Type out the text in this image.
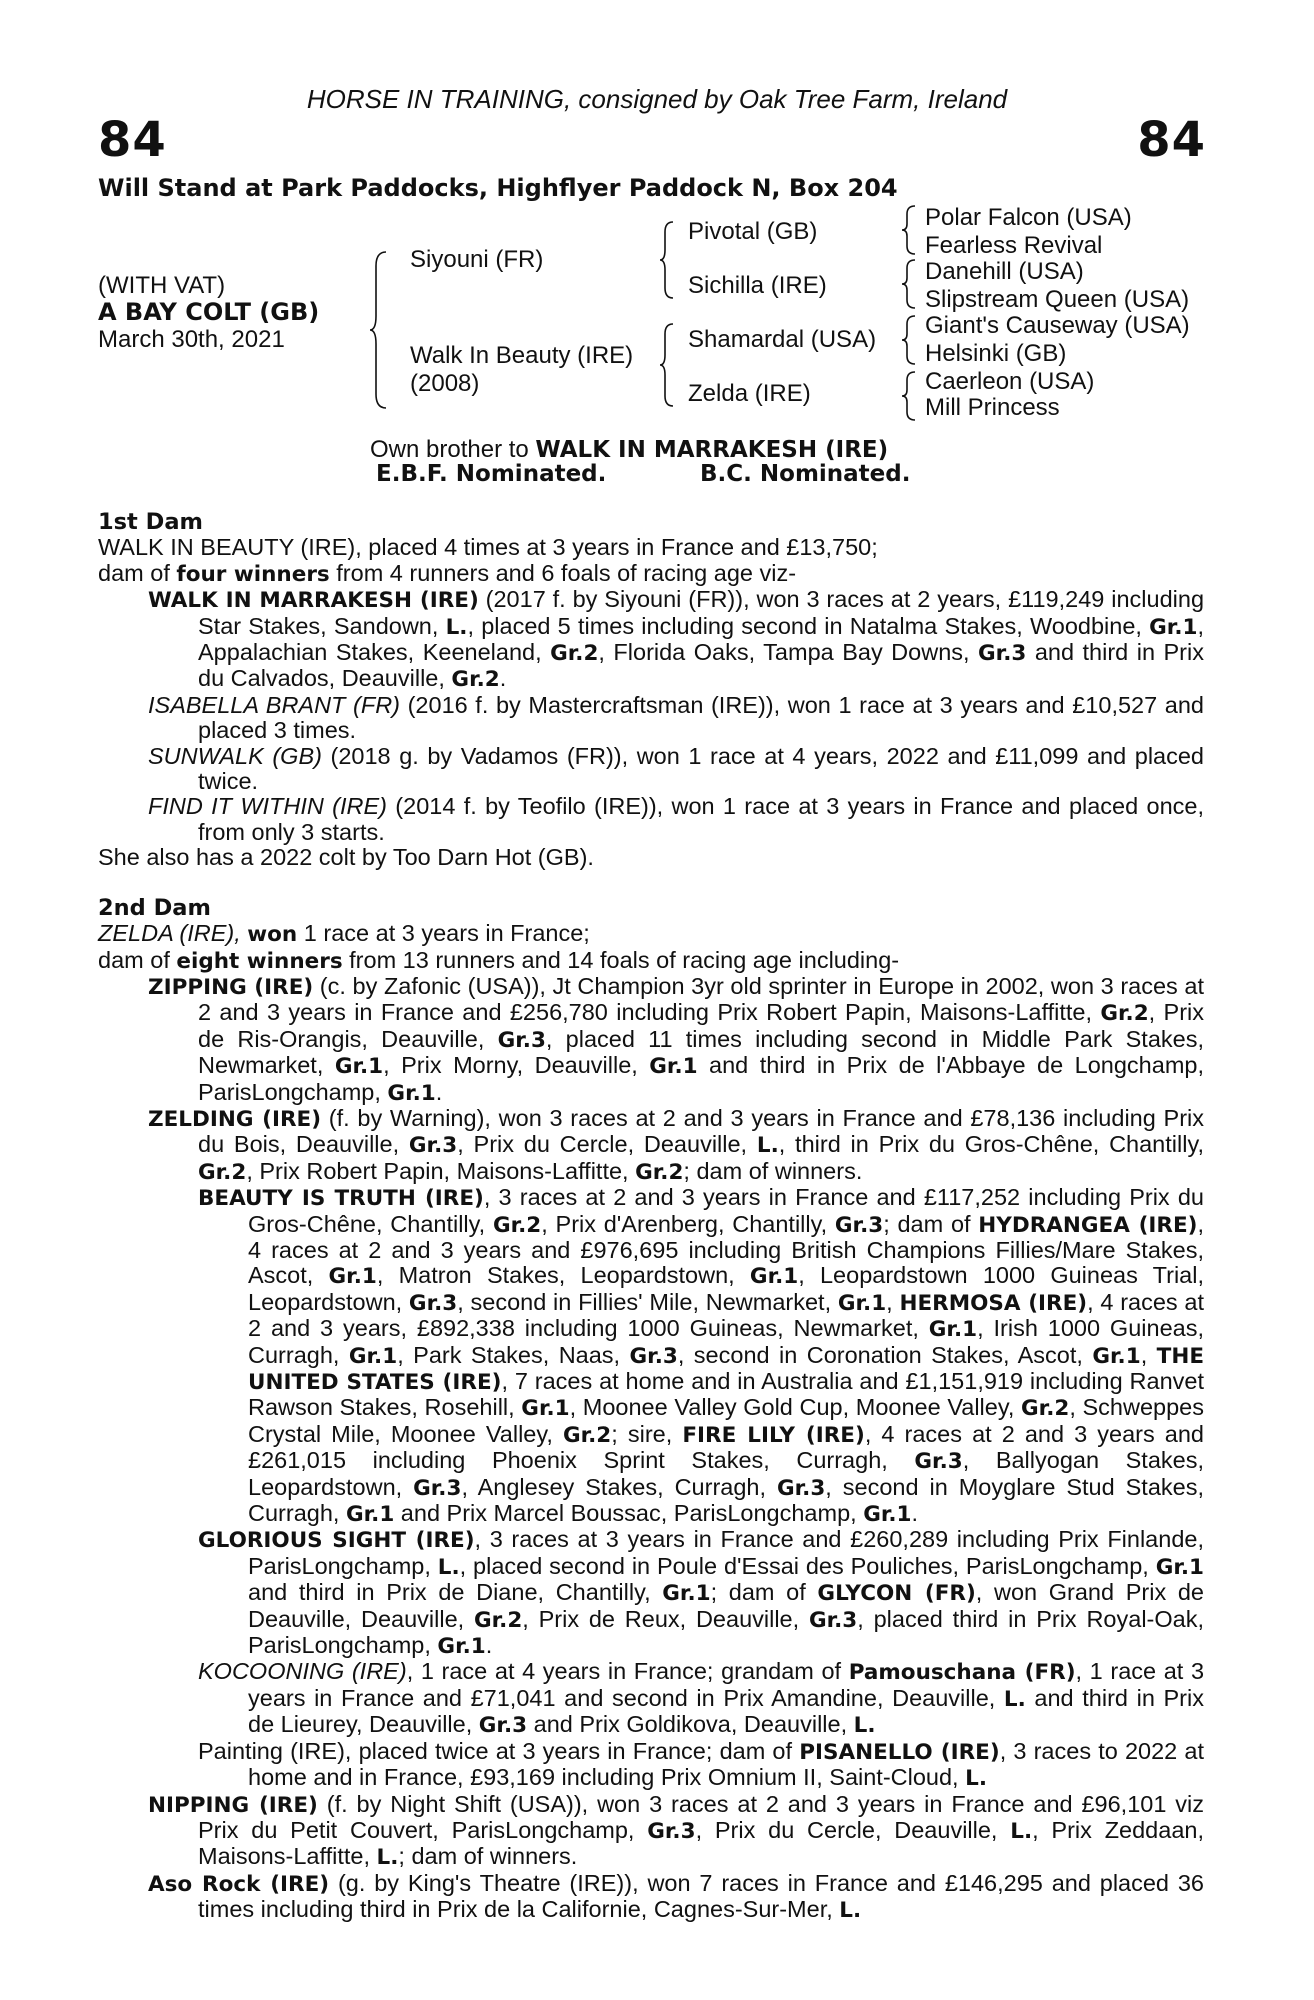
HORSE IN TRAINING, consigned by Oak Tree Farm, Ireland
84	84
Will Stand at Park Paddocks, Highflyer Paddock N, Box 204
(WITH VAT)
A BAY COLT (GB)
March 30th, 2021
Siyouni (FR)
Walk In Beauty (IRE)
(2008)
Pivotal (GB)
Sichilla (IRE)
Shamardal (USA)
Zelda (IRE)
Polar Falcon (USA)
Fearless Revival
Danehill (USA)
Slipstream Queen (USA)
Giant's Causeway (USA)
Helsinki (GB)
Caerleon (USA)
Mill Princess
Own brother to WALK IN MARRAKESH (IRE)
E.B.F. Nominated.	B.C. Nominated.
1st Dam

WALK IN BEAUTY (IRE), placed 4 times at 3 years in France and £13,750;

dam of four winners from 4 runners and 6 foals of racing age viz-

WALK IN MARRAKESH (IRE) (2017 f. by Siyouni (FR)), won 3 races at 2 years, £119,249 including Star Stakes, Sandown, L., placed 5 times including second in Natalma Stakes, Woodbine, Gr.1, Appalachian Stakes, Keeneland, Gr.2, Florida Oaks, Tampa Bay Downs, Gr.3 and third in Prix du Calvados, Deauville, Gr.2.

ISABELLA BRANT (FR) (2016 f. by Mastercraftsman (IRE)), won 1 race at 3 years and £10,527 and placed 3 times.

SUNWALK (GB) (2018 g. by Vadamos (FR)), won 1 race at 4 years, 2022 and £11,099 and placed twice.

FIND IT WITHIN (IRE) (2014 f. by Teofilo (IRE)), won 1 race at 3 years in France and placed once, from only 3 starts.

She also has a 2022 colt by Too Darn Hot (GB).

2nd Dam

ZELDA (IRE), won 1 race at 3 years in France;

dam of eight winners from 13 runners and 14 foals of racing age including-

ZIPPING (IRE) (c. by Zafonic (USA)), Jt Champion 3yr old sprinter in Europe in 2002, won 3 races at 2 and 3 years in France and £256,780 including Prix Robert Papin, Maisons-Laffitte, Gr.2, Prix de Ris-Orangis, Deauville, Gr.3, placed 11 times including second in Middle Park Stakes, Newmarket, Gr.1, Prix Morny, Deauville, Gr.1 and third in Prix de l'Abbaye de Longchamp, ParisLongchamp, Gr.1.

ZELDING (IRE) (f. by Warning), won 3 races at 2 and 3 years in France and £78,136 including Prix du Bois, Deauville, Gr.3, Prix du Cercle, Deauville, L., third in Prix du Gros-Chêne, Chantilly, Gr.2, Prix Robert Papin, Maisons-Laffitte, Gr.2; dam of winners.

BEAUTY IS TRUTH (IRE), 3 races at 2 and 3 years in France and £117,252 including Prix du Gros-Chêne, Chantilly, Gr.2, Prix d'Arenberg, Chantilly, Gr.3; dam of HYDRANGEA (IRE), 4 races at 2 and 3 years and £976,695 including British Champions Fillies/Mare Stakes, Ascot, Gr.1, Matron Stakes, Leopardstown, Gr.1, Leopardstown 1000 Guineas Trial, Leopardstown, Gr.3, second in Fillies' Mile, Newmarket, Gr.1, HERMOSA (IRE), 4 races at 2 and 3 years, £892,338 including 1000 Guineas, Newmarket, Gr.1, Irish 1000 Guineas, Curragh, Gr.1, Park Stakes, Naas, Gr.3, second in Coronation Stakes, Ascot, Gr.1, THE UNITED STATES (IRE), 7 races at home and in Australia and £1,151,919 including Ranvet Rawson Stakes, Rosehill, Gr.1, Moonee Valley Gold Cup, Moonee Valley, Gr.2, Schweppes Crystal Mile, Moonee Valley, Gr.2; sire, FIRE LILY (IRE), 4 races at 2 and 3 years and £261,015 including Phoenix Sprint Stakes, Curragh, Gr.3, Ballyogan Stakes, Leopardstown, Gr.3, Anglesey Stakes, Curragh, Gr.3, second in Moyglare Stud Stakes, Curragh, Gr.1 and Prix Marcel Boussac, ParisLongchamp, Gr.1.

GLORIOUS SIGHT (IRE), 3 races at 3 years in France and £260,289 including Prix Finlande, ParisLongchamp, L., placed second in Poule d'Essai des Pouliches, ParisLongchamp, Gr.1 and third in Prix de Diane, Chantilly, Gr.1; dam of GLYCON (FR), won Grand Prix de Deauville, Deauville, Gr.2, Prix de Reux, Deauville, Gr.3, placed third in Prix Royal-Oak, ParisLongchamp, Gr.1.

KOCOONING (IRE), 1 race at 4 years in France; grandam of Pamouschana (FR), 1 race at 3 years in France and £71,041 and second in Prix Amandine, Deauville, L. and third in Prix de Lieurey, Deauville, Gr.3 and Prix Goldikova, Deauville, L.

Painting (IRE), placed twice at 3 years in France; dam of PISANELLO (IRE), 3 races to 2022 at home and in France, £93,169 including Prix Omnium II, Saint-Cloud, L.

NIPPING (IRE) (f. by Night Shift (USA)), won 3 races at 2 and 3 years in France and £96,101 viz Prix du Petit Couvert, ParisLongchamp, Gr.3, Prix du Cercle, Deauville, L., Prix Zeddaan, Maisons-Laffitte, L.; dam of winners.

Aso Rock (IRE) (g. by King's Theatre (IRE)), won 7 races in France and £146,295 and placed 36 times including third in Prix de la Californie, Cagnes-Sur-Mer, L.
